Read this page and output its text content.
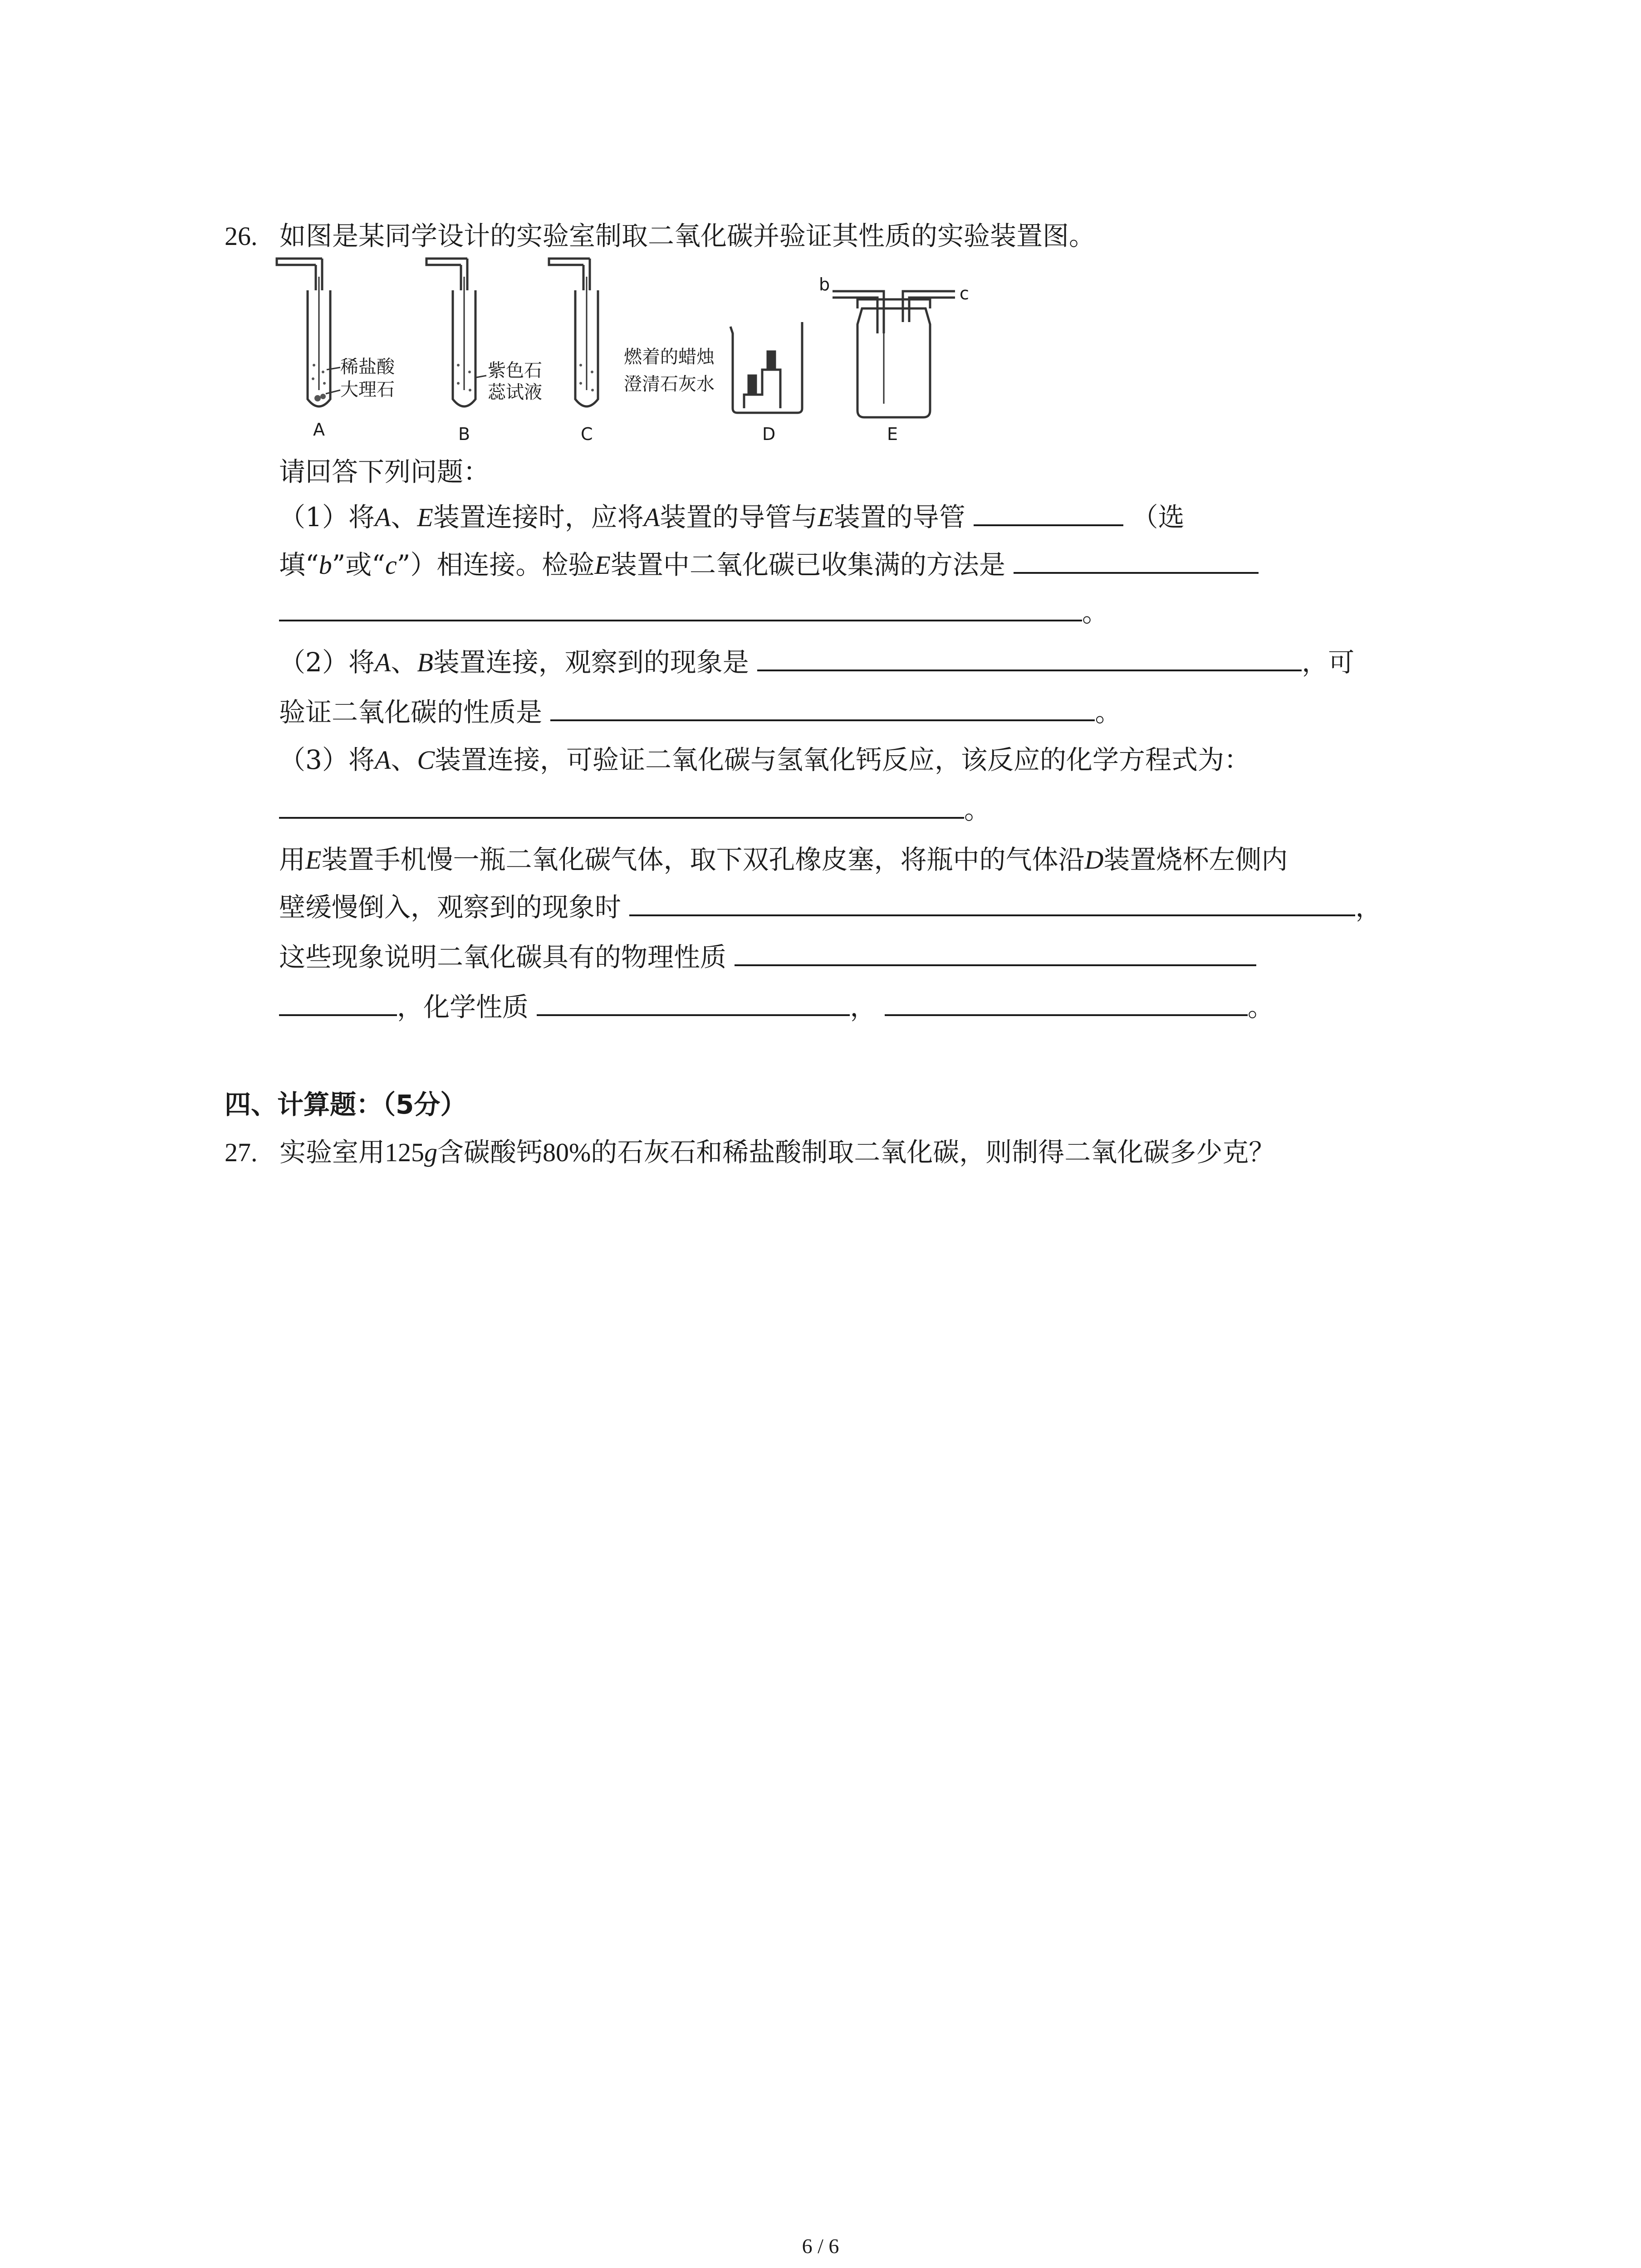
26. 如图是某同学设计的实验室制取二氧化碳并验证其性质的实验装置图。
稀盐酸
大理石
紫色石
蕊试液
燃着的蜡烛
澄清石灰水
b	c
A	B	C	D	E
请回答下列问题：
（1）将A、E装置连接时，应将A装置的导管与E装置的导管	（选
填“b”或“c”）相连接。检验E装置中二氧化碳已收集满的方法是
。
（2）将A、B装置连接，观察到的现象是	，可
验证二氧化碳的性质是	。
（3）将A、C装置连接，可验证二氧化碳与氢氧化钙反应，该反应的化学方程式为：
。
用E装置手机慢一瓶二氧化碳气体，取下双孔橡皮塞，将瓶中的气体沿D装置烧杯左侧内
壁缓慢倒入，观察到的现象时	，
这些现象说明二氧化碳具有的物理性质
，化学性质	，	。
四、计算题：（5分）
27. 实验室用125g含碳酸钙80%的石灰石和稀盐酸制取二氧化碳，则制得二氧化碳多少克？
6 / 6
